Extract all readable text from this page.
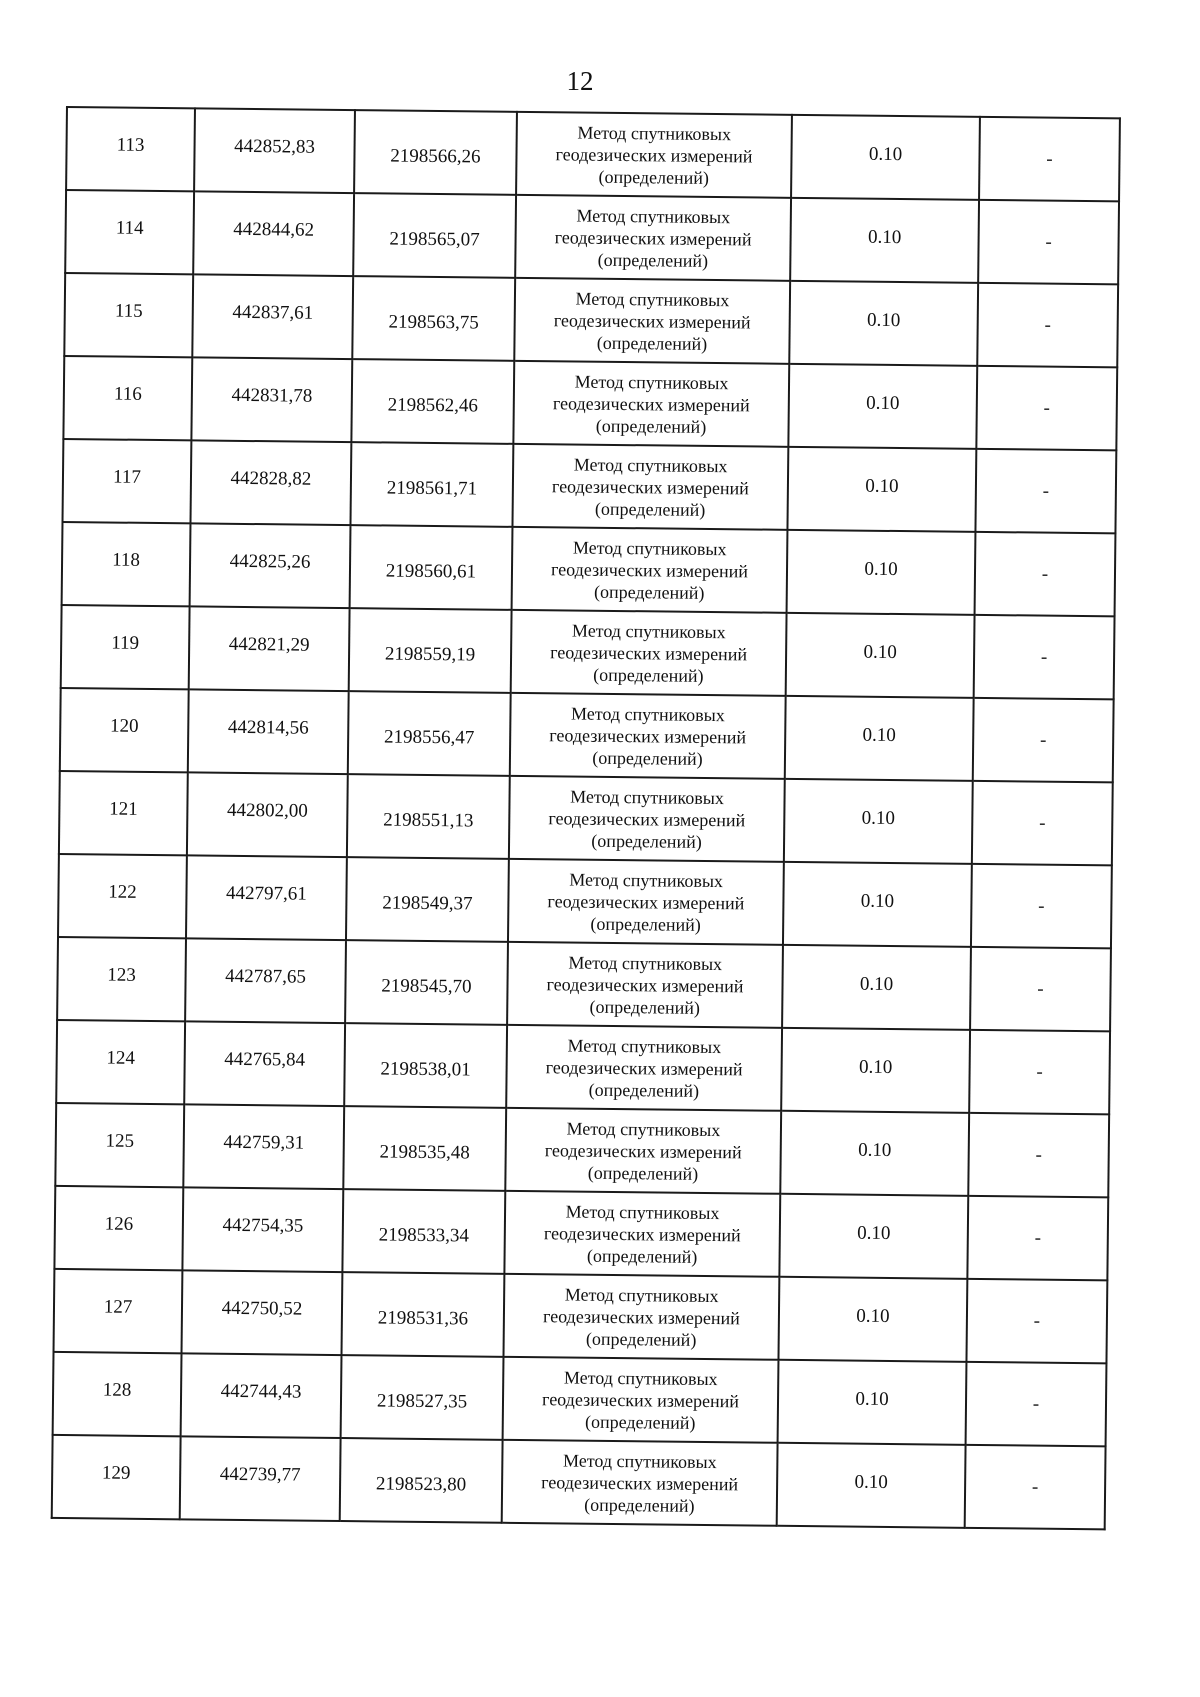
12
113	442852,83	2198566,26	Метод спутниковых
геодезических измерений
(определений)	0.10	-
114	442844,62	2198565,07	Метод спутниковых
геодезических измерений
(определений)	0.10	-
115	442837,61	2198563,75	Метод спутниковых
геодезических измерений
(определений)	0.10	-
116	442831,78	2198562,46	Метод спутниковых
геодезических измерений
(определений)	0.10	-
117	442828,82	2198561,71	Метод спутниковых
геодезических измерений
(определений)	0.10	-
118	442825,26	2198560,61	Метод спутниковых
геодезических измерений
(определений)	0.10	-
119	442821,29	2198559,19	Метод спутниковых
геодезических измерений
(определений)	0.10	-
120	442814,56	2198556,47	Метод спутниковых
геодезических измерений
(определений)	0.10	-
121	442802,00	2198551,13	Метод спутниковых
геодезических измерений
(определений)	0.10	-
122	442797,61	2198549,37	Метод спутниковых
геодезических измерений
(определений)	0.10	-
123	442787,65	2198545,70	Метод спутниковых
геодезических измерений
(определений)	0.10	-
124	442765,84	2198538,01	Метод спутниковых
геодезических измерений
(определений)	0.10	-
125	442759,31	2198535,48	Метод спутниковых
геодезических измерений
(определений)	0.10	-
126	442754,35	2198533,34	Метод спутниковых
геодезических измерений
(определений)	0.10	-
127	442750,52	2198531,36	Метод спутниковых
геодезических измерений
(определений)	0.10	-
128	442744,43	2198527,35	Метод спутниковых
геодезических измерений
(определений)	0.10	-
129	442739,77	2198523,80	Метод спутниковых
геодезических измерений
(определений)	0.10	-
